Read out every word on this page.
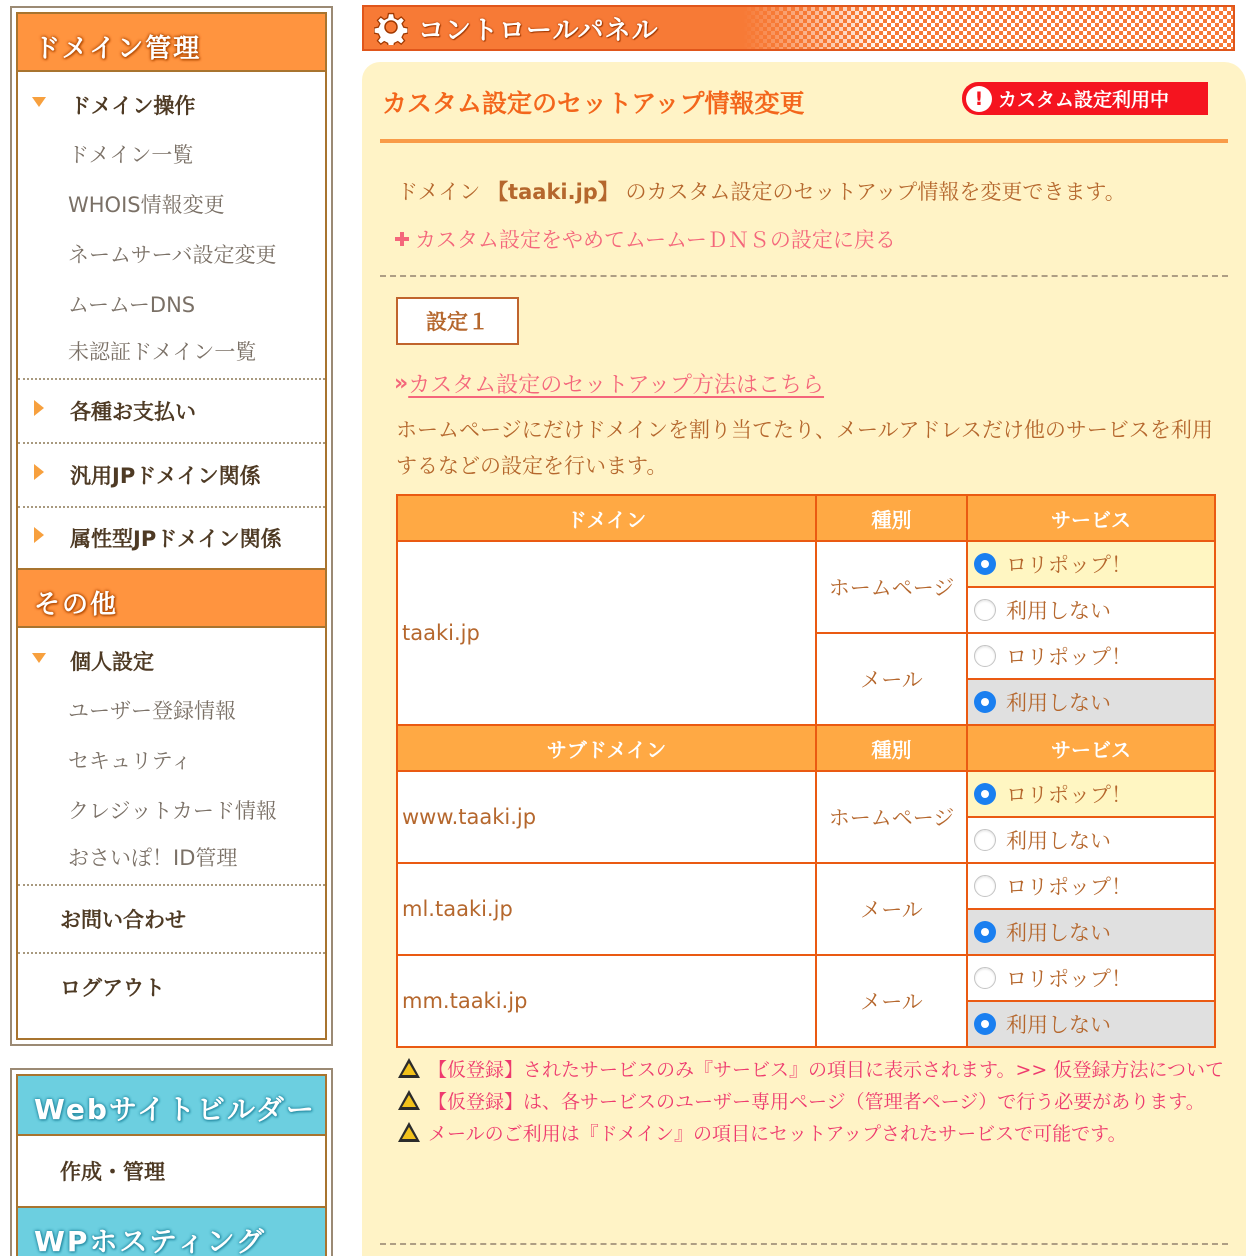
ドメイン管理
ドメイン操作
ドメイン一覧
WHOIS情報変更
ネームサーバ設定変更
ムームーDNS
未認証ドメイン一覧
各種お支払い
汎用JPドメイン関係
属性型JPドメイン関係
その他
個人設定
ユーザー登録情報
セキュリティ
クレジットカード情報
おさいぽ！ID管理
お問い合わせ
ログアウト
Webサイトビルダー
作成・管理
WPホスティング
コントロールパネル
カスタム設定のセットアップ情報変更	! カスタム設定利用中
ドメイン 【taaki.jp】 のカスタム設定のセットアップ情報を変更できます。
カスタム設定をやめてムームーＤＮＳの設定に戻る
設定１
» カスタム設定のセットアップ方法はこちら
ホームページにだけドメインを割り当てたり、メールアドレスだけ他のサービスを利用するなどの設定を行います。
ドメイン	種別	サービス
taaki.jp	ホームページ	ロリポップ！
		利用しない
	メール	ロリポップ！
		利用しない
サブドメイン	種別	サービス
www.taaki.jp	ホームページ	ロリポップ！
		利用しない
ml.taaki.jp	メール	ロリポップ！
		利用しない
mm.taaki.jp	メール	ロリポップ！
		利用しない
【仮登録】されたサービスのみ『サービス』の項目に表示されます。>> 仮登録方法について
【仮登録】は、各サービスのユーザー専用ページ（管理者ページ）で行う必要があります。
メールのご利用は『ドメイン』の項目にセットアップされたサービスで可能です。
